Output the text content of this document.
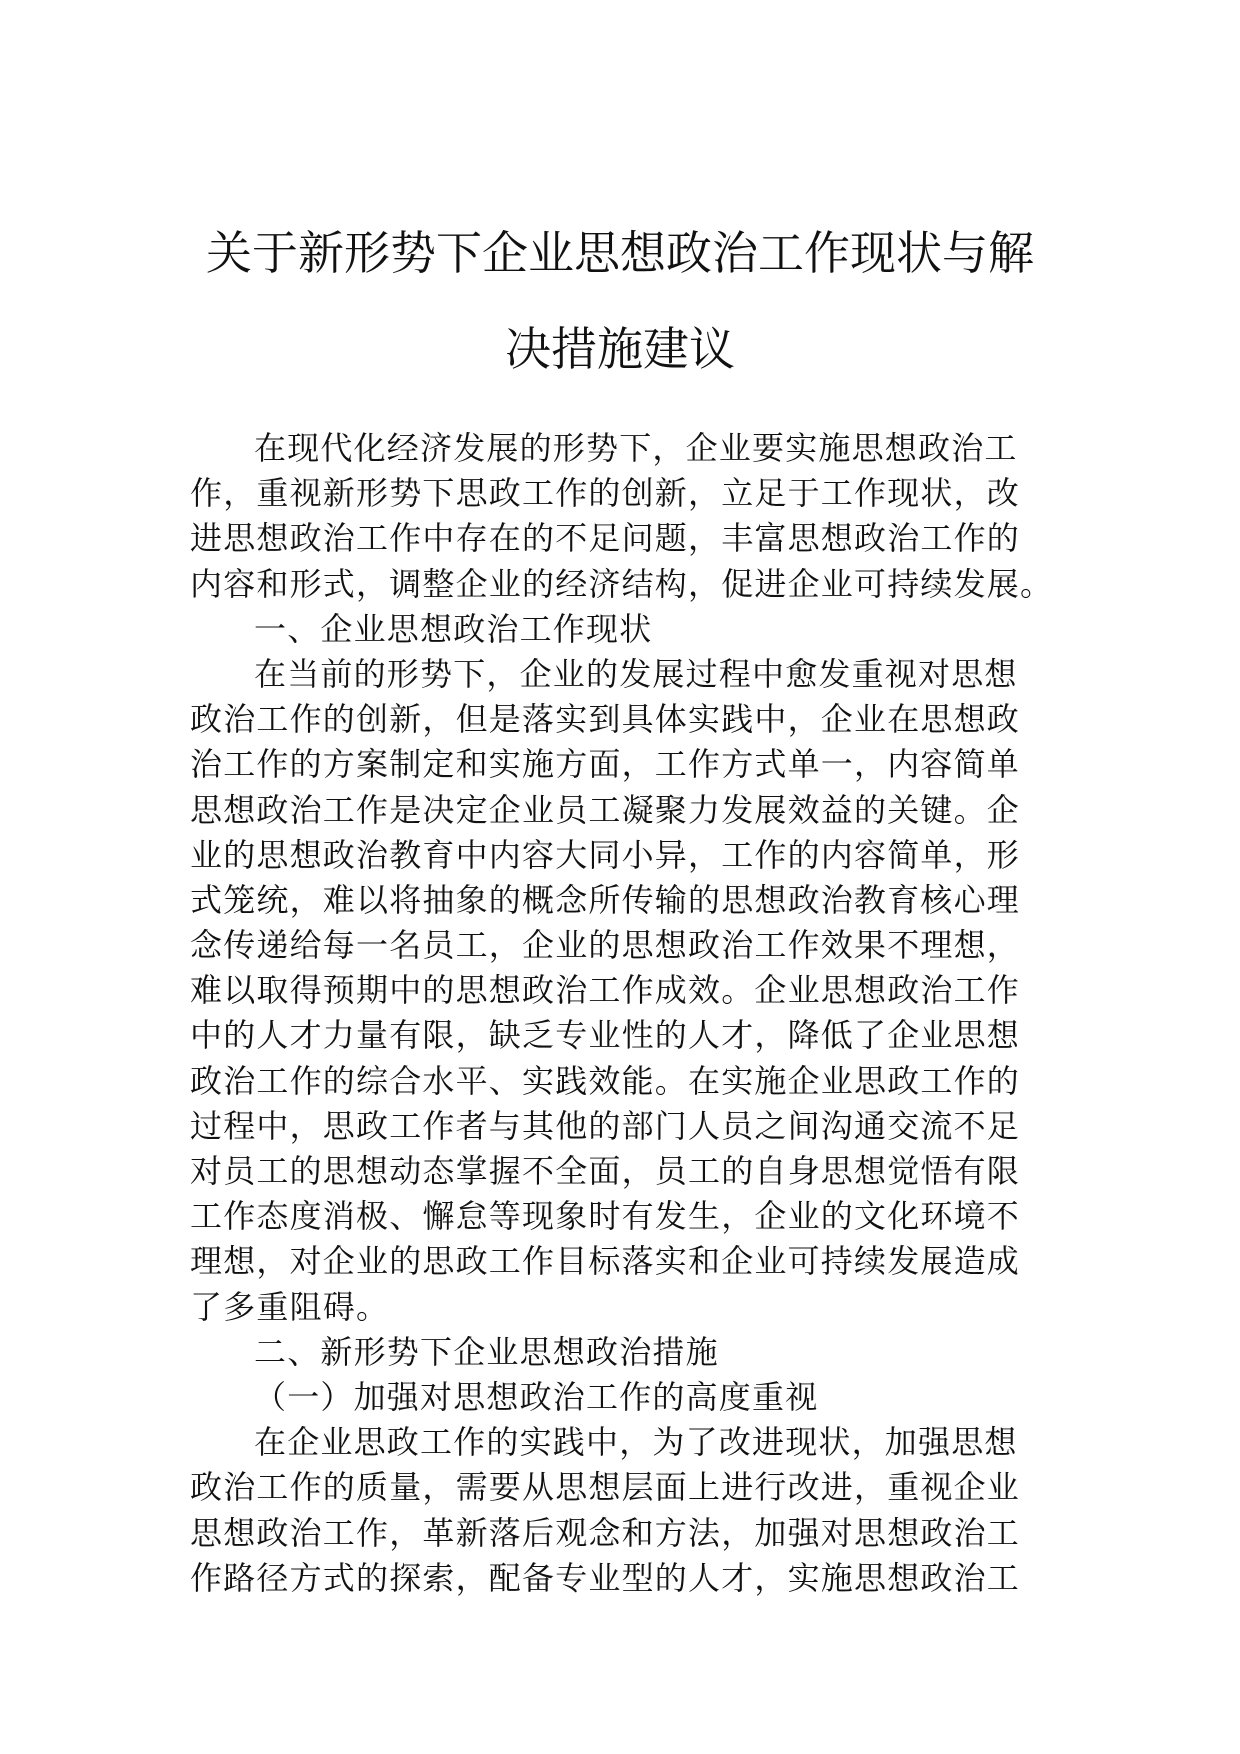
关于新形势下企业思想政治工作现状与解
决措施建议
在现代化经济发展的形势下，企业要实施思想政治工
作，重视新形势下思政工作的创新，立足于工作现状，改
进思想政治工作中存在的不足问题，丰富思想政治工作的
内容和形式，调整企业的经济结构，促进企业可持续发展。
一、企业思想政治工作现状
在当前的形势下，企业的发展过程中愈发重视对思想
政治工作的创新，但是落实到具体实践中，企业在思想政
治工作的方案制定和实施方面，工作方式单一，内容简单
思想政治工作是决定企业员工凝聚力发展效益的关键。企
业的思想政治教育中内容大同小异，工作的内容简单，形
式笼统，难以将抽象的概念所传输的思想政治教育核心理
念传递给每一名员工，企业的思想政治工作效果不理想，
难以取得预期中的思想政治工作成效。企业思想政治工作
中的人才力量有限，缺乏专业性的人才，降低了企业思想
政治工作的综合水平、实践效能。在实施企业思政工作的
过程中，思政工作者与其他的部门人员之间沟通交流不足
对员工的思想动态掌握不全面，员工的自身思想觉悟有限
工作态度消极、懈怠等现象时有发生，企业的文化环境不
理想，对企业的思政工作目标落实和企业可持续发展造成
了多重阻碍。
二、新形势下企业思想政治措施
（一）加强对思想政治工作的高度重视
在企业思政工作的实践中，为了改进现状，加强思想
政治工作的质量，需要从思想层面上进行改进，重视企业
思想政治工作，革新落后观念和方法，加强对思想政治工
作路径方式的探索，配备专业型的人才，实施思想政治工
